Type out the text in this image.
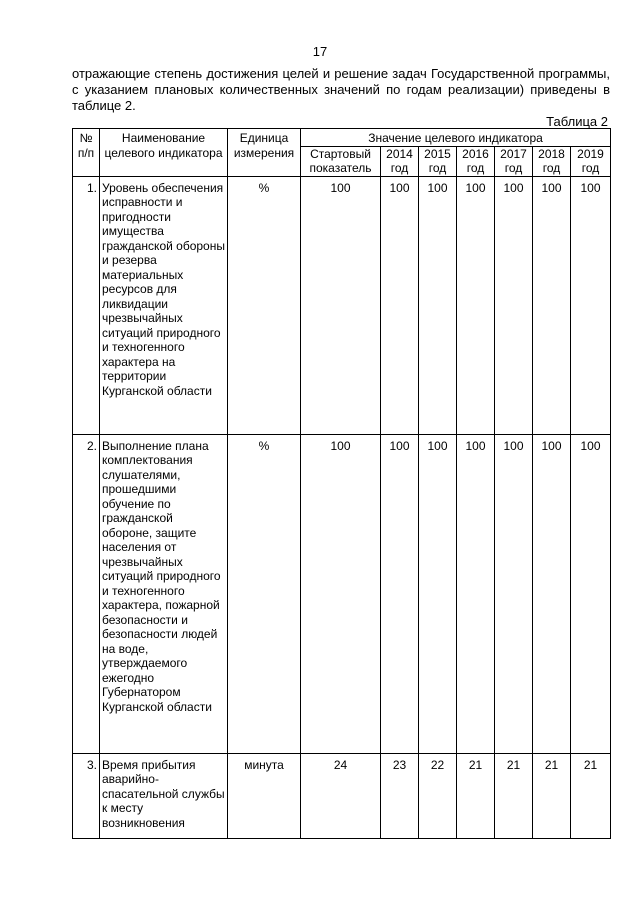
17
отражающие степень достижения целей и решение задач Государственной программы,
с указанием плановых количественных значений по годам реализации) приведены в
таблице 2.
Таблица 2
№ п/п	Наименование целевого индикатора	Единица измерения	Значение целевого индикатора						
			Стартовый показатель	2014 год	2015 год	2016 год	2017 год	2018 год	2019 год
1.	Уровень обеспечения исправности и пригодности имущества гражданской обороны и резерва материальных ресурсов для ликвидации чрезвычайных ситуаций природного и техногенного характера на территории Курганской области	%	100	100	100	100	100	100	100
2.	Выполнение плана комплектования слушателями, прошедшими обучение по гражданской обороне, защите населения от чрезвычайных ситуаций природного и техногенного характера, пожарной безопасности и безопасности людей на воде, утверждаемого ежегодно Губернатором Курганской области	%	100	100	100	100	100	100	100
3.	Время прибытия аварийно-спасательной службы к месту возникновения	минута	24	23	22	21	21	21	21
